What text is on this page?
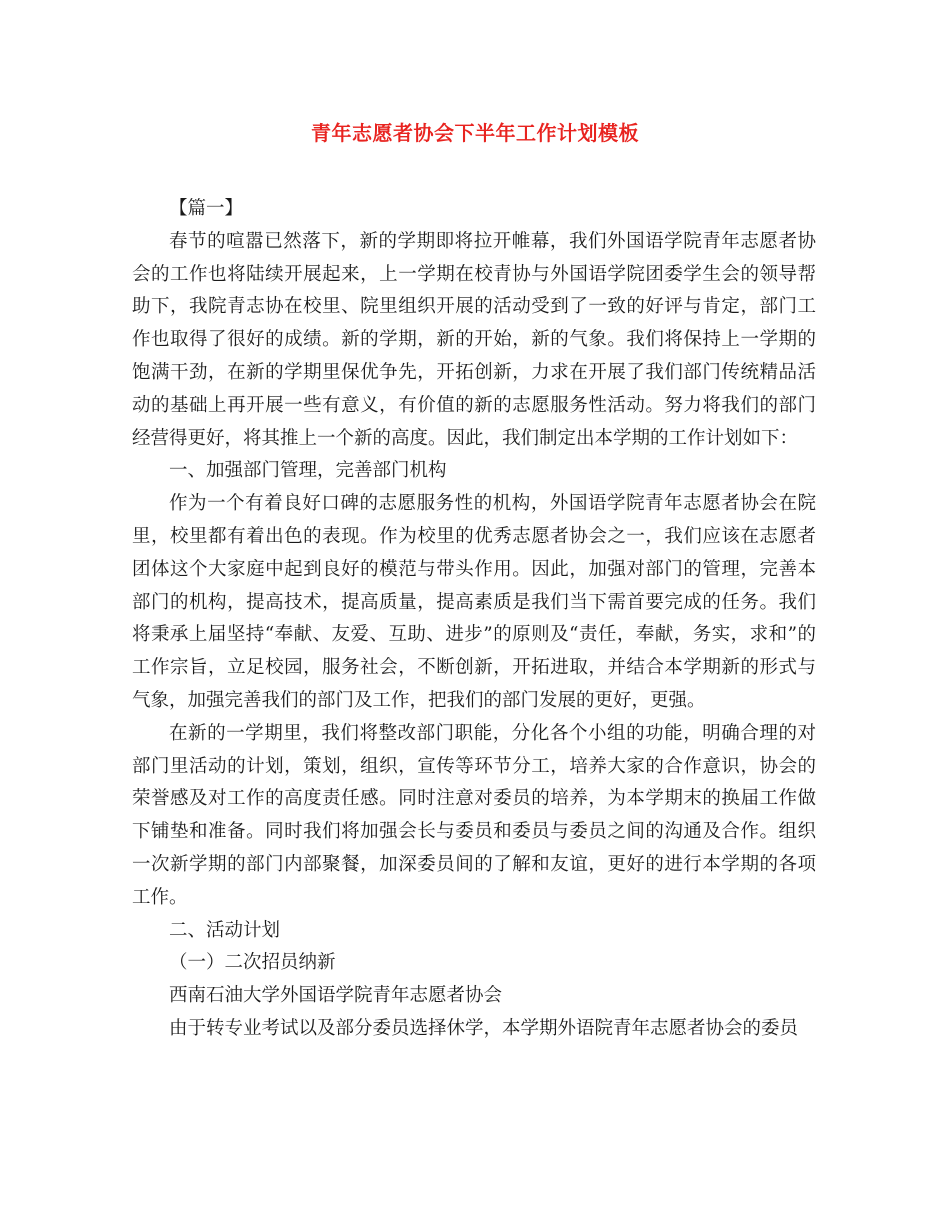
青年志愿者协会下半年工作计划模板

【篇一】

春节的喧嚣已然落下，新的学期即将拉开帷幕，我们外国语学院青年志愿者协会的工作也将陆续开展起来，上一学期在校青协与外国语学院团委学生会的领导帮助下，我院青志协在校里、院里组织开展的活动受到了一致的好评与肯定，部门工作也取得了很好的成绩。新的学期，新的开始，新的气象。我们将保持上一学期的饱满干劲，在新的学期里保优争先，开拓创新，力求在开展了我们部门传统精品活动的基础上再开展一些有意义，有价值的新的志愿服务性活动。努力将我们的部门经营得更好，将其推上一个新的高度。因此，我们制定出本学期的工作计划如下：

一、加强部门管理，完善部门机构

作为一个有着良好口碑的志愿服务性的机构，外国语学院青年志愿者协会在院里，校里都有着出色的表现。作为校里的优秀志愿者协会之一，我们应该在志愿者团体这个大家庭中起到良好的模范与带头作用。因此，加强对部门的管理，完善本部门的机构，提高技术，提高质量，提高素质是我们当下需首要完成的任务。我们将秉承上届坚持“奉献、友爱、互助、进步”的原则及“责任，奉献，务实，求和”的工作宗旨，立足校园，服务社会，不断创新，开拓进取，并结合本学期新的形式与气象，加强完善我们的部门及工作，把我们的部门发展的更好，更强。

在新的一学期里，我们将整改部门职能，分化各个小组的功能，明确合理的对部门里活动的计划，策划，组织，宣传等环节分工，培养大家的合作意识，协会的荣誉感及对工作的高度责任感。同时注意对委员的培养，为本学期末的换届工作做下铺垫和准备。同时我们将加强会长与委员和委员与委员之间的沟通及合作。组织一次新学期的部门内部聚餐，加深委员间的了解和友谊，更好的进行本学期的各项工作。

二、活动计划

（一）二次招员纳新

西南石油大学外国语学院青年志愿者协会

由于转专业考试以及部分委员选择休学，本学期外语院青年志愿者协会的委员
